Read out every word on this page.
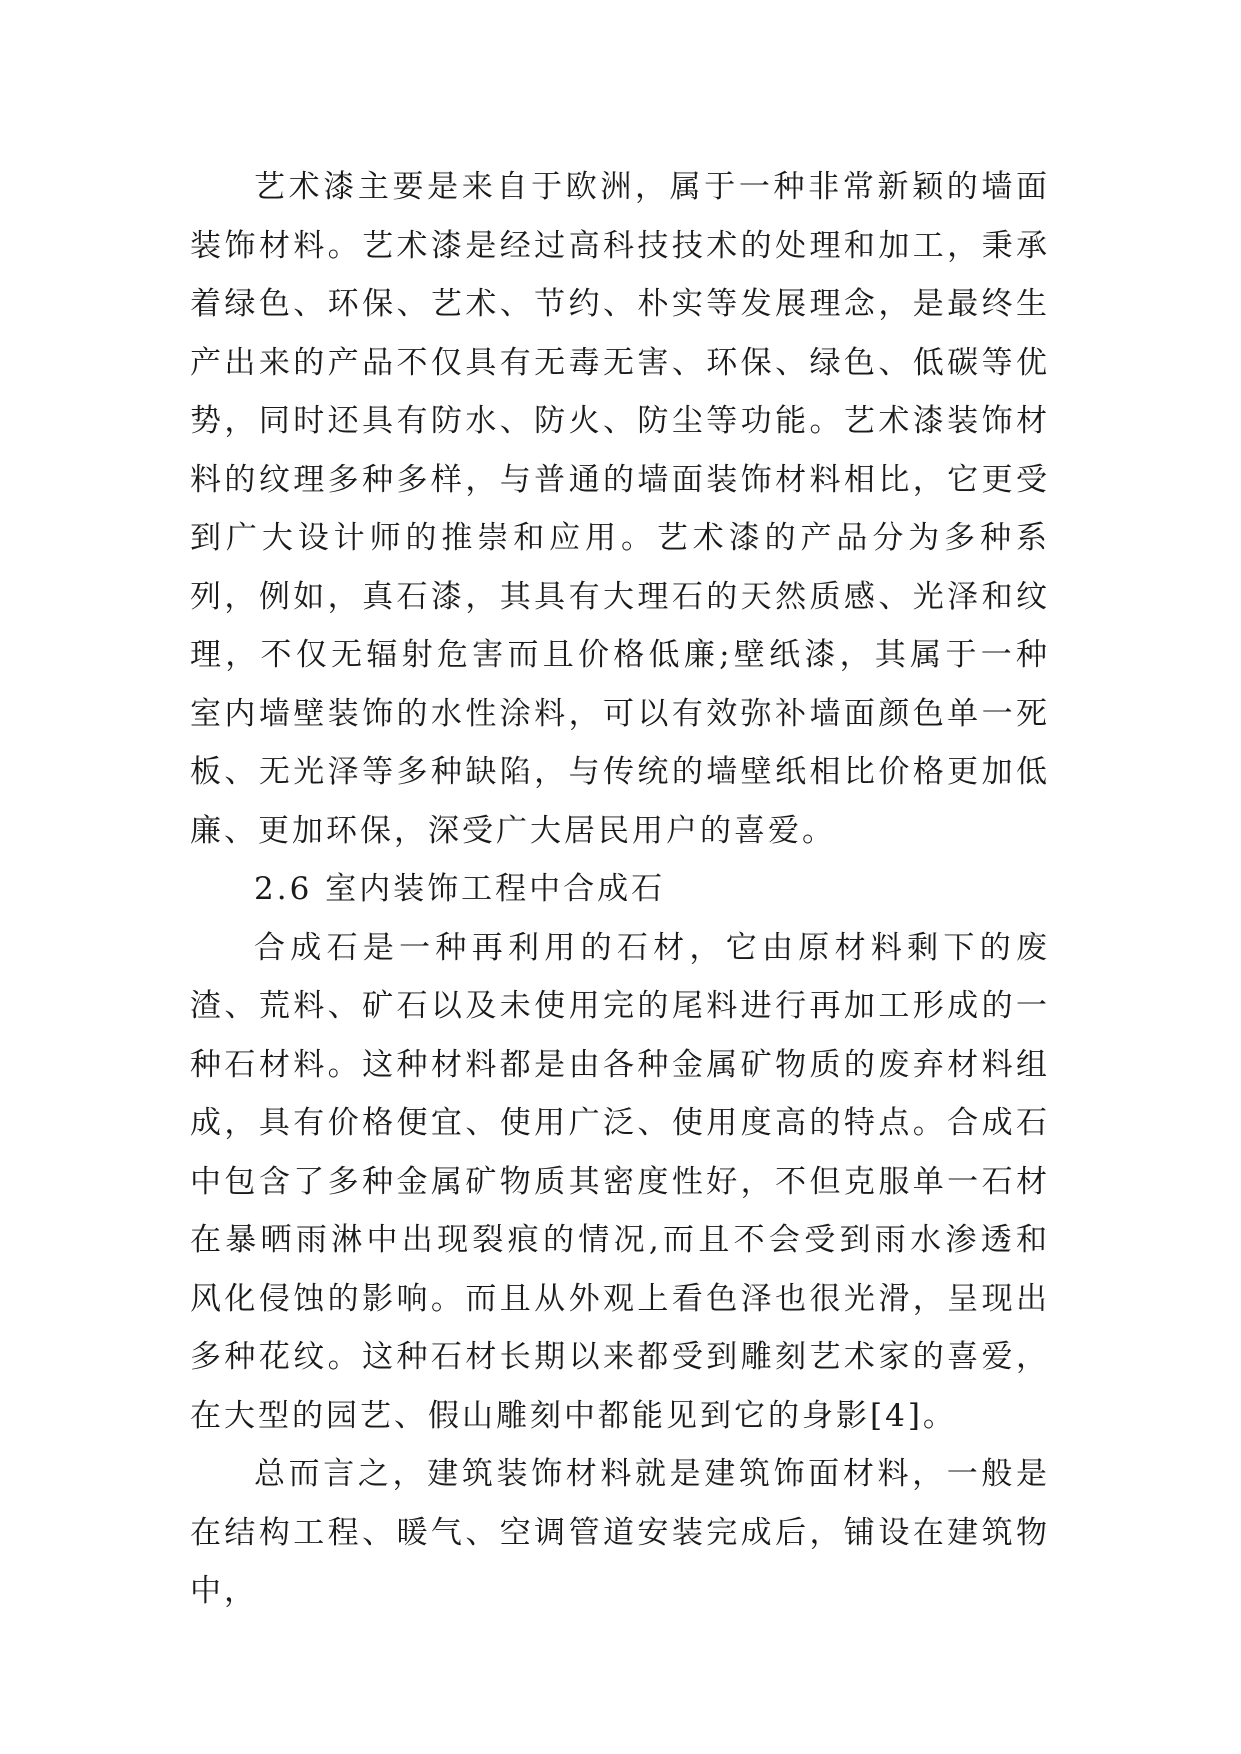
艺术漆主要是来自于欧洲，属于一种非常新颖的墙面装饰材料。艺术漆是经过高科技技术的处理和加工，秉承着绿色、环保、艺术、节约、朴实等发展理念，是最终生产出来的产品不仅具有无毒无害、环保、绿色、低碳等优势，同时还具有防水、防火、防尘等功能。艺术漆装饰材料的纹理多种多样，与普通的墙面装饰材料相比，它更受到广大设计师的推崇和应用。艺术漆的产品分为多种系列，例如，真石漆，其具有大理石的天然质感、光泽和纹理，不仅无辐射危害而且价格低廉;壁纸漆，其属于一种室内墙壁装饰的水性涂料，可以有效弥补墙面颜色单一死板、无光泽等多种缺陷，与传统的墙壁纸相比价格更加低廉、更加环保，深受广大居民用户的喜爱。

2.6 室内装饰工程中合成石

合成石是一种再利用的石材，它由原材料剩下的废渣、荒料、矿石以及未使用完的尾料进行再加工形成的一种石材料。这种材料都是由各种金属矿物质的废弃材料组成，具有价格便宜、使用广泛、使用度高的特点。合成石中包含了多种金属矿物质其密度性好，不但克服单一石材在暴晒雨淋中出现裂痕的情况,而且不会受到雨水渗透和风化侵蚀的影响。而且从外观上看色泽也很光滑，呈现出多种花纹。这种石材长期以来都受到雕刻艺术家的喜爱，在大型的园艺、假山雕刻中都能见到它的身影[4]。

总而言之，建筑装饰材料就是建筑饰面材料，一般是在结构工程、暖气、空调管道安装完成后，铺设在建筑物中，
